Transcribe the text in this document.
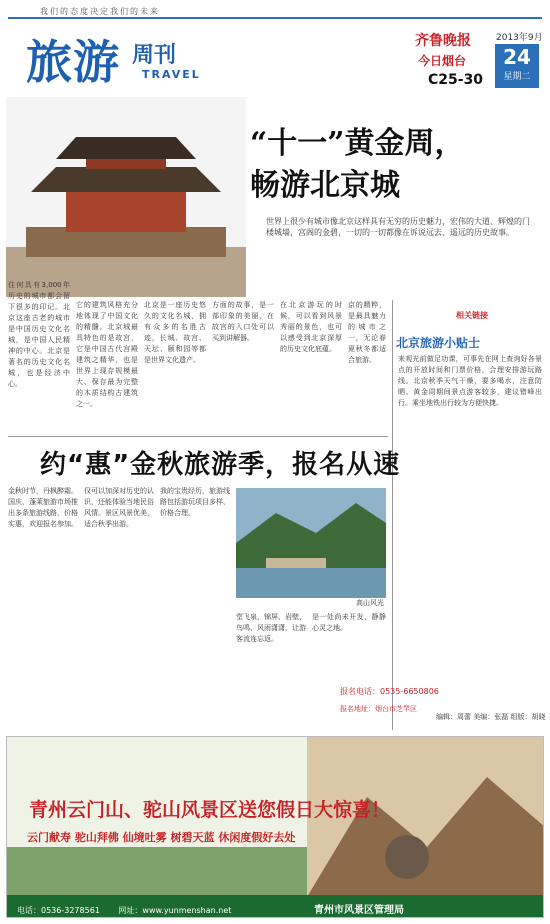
我们的态度决定我们的未来
旅游 周刊
TRAVEL
齐鲁晚报	2013年9月
24
星期二
今日烟台
C25-30
“十一”黄金周，
畅游北京城
世界上很少有城市像北京这样具有无穷的历史魅力，宏伟的大道、辉煌的门楼城墙，宫阁的金碧，一切的一切都像在诉说远去、遥远的历史故事。
住何具有3,000年历史的城市都会留下很多的印记。北京这座古老的城市是中国历史文化名城，是中国人民精神的中心。北京是著名的历史文化名城，也是经济中心。
它的建筑风格充分地体现了中国文化的精髓。北京城最具特色的是故宫，它是中国古代宫殿建筑之精华，也是世界上现存规模最大、保存最为完整的木质结构古建筑之一。
北京是一座历史悠久的文化名城，拥有众多的名胜古迹，长城、故宫、天坛、颐和园等都是世界文化遗产。
方面的故事，是一部印象的美丽，在故宫的入口处可以买到讲解器。
在北京游玩的时候，可以看到风景秀丽的景色，也可以感受到北京深厚的历史文化底蕴。
京的精粹，是最具魅力的城市之一，无论春夏秋冬都适合旅游。
相关链接
北京旅游小贴士
来观光前做足功课，可事先在网上查询好各景点的开放时间和门票价格，合理安排游玩路线。北京秋季天气干燥，要多喝水，注意防晒。黄金周期间景点游客较多，建议错峰出行。乘坐地铁出行较为方便快捷。
编辑：周蕾 美编：张磊 组版：胡晓
约“惠”金秋旅游季，报名从速
金秋时节，丹枫醉霜。国庆，蓬莱旅游市场推出多条旅游线路，价格实惠，欢迎报名参加。
仅可以加深对历史的认识，还能体验当地民俗风情。景区风景优美，适合秋季出游。
我的宝贵经历，旅游线路包括游玩项目多样，价格合理。
高山风光
堂飞泉、锦屏、岩壁、鸟鸣、风雨潇潇，让游客流连忘返。
是一处尚未开发，静静心灵之地。
报名电话：0535-6650806
报名地址：烟台市芝罘区
青州云门山、驼山风景区送您假日大惊喜！
云门献寿 驼山拜佛 仙境吐雾 树碧天蓝 休闲度假好去处
电话：0536-3278561 网址：www.yunmenshan.net	青州市风景区管理局
